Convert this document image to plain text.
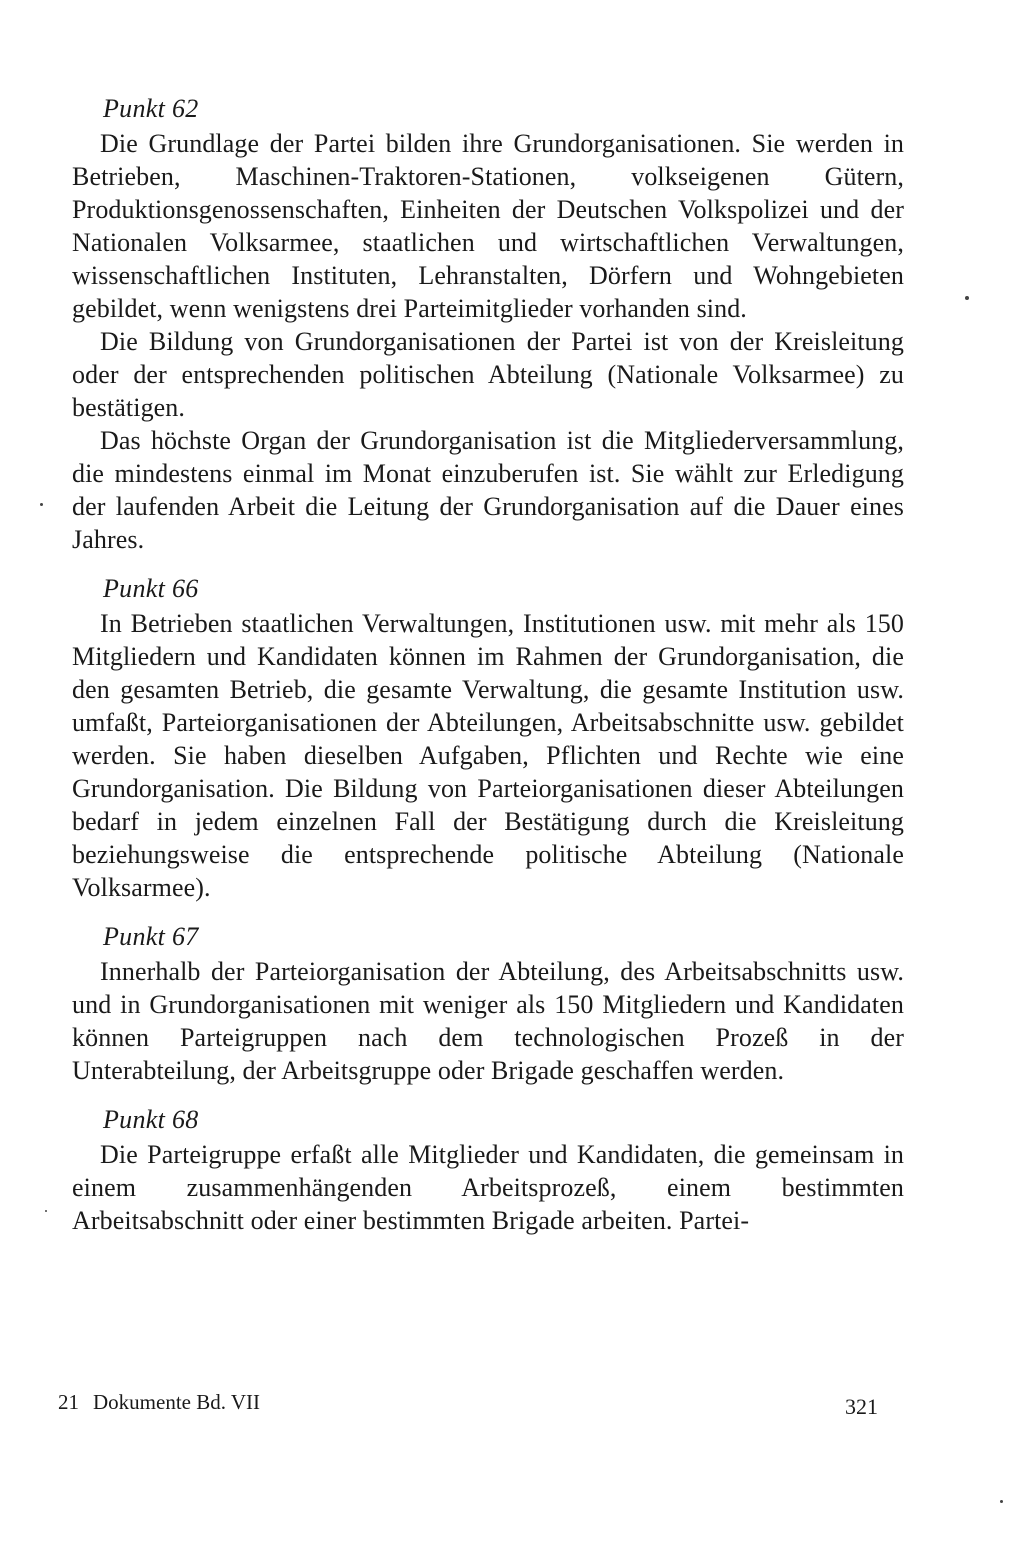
Punkt 62

Die Grundlage der Partei bilden ihre Grundorganisationen. Sie werden in Betrieben, Maschinen-Traktoren-Stationen, volkseigenen Gütern, Produktionsgenossenschaften, Einheiten der Deutschen Volkspolizei und der Nationalen Volksarmee, staatlichen und wirtschaftlichen Verwaltungen, wissenschaftlichen Instituten, Lehranstalten, Dörfern und Wohngebieten gebildet, wenn wenigstens drei Parteimitglieder vorhanden sind.

Die Bildung von Grundorganisationen der Partei ist von der Kreisleitung oder der entsprechenden politischen Abteilung (Nationale Volksarmee) zu bestätigen.

Das höchste Organ der Grundorganisation ist die Mitgliederversammlung, die mindestens einmal im Monat einzuberufen ist. Sie wählt zur Erledigung der laufenden Arbeit die Leitung der Grundorganisation auf die Dauer eines Jahres.

Punkt 66

In Betrieben staatlichen Verwaltungen, Institutionen usw. mit mehr als 150 Mitgliedern und Kandidaten können im Rahmen der Grundorganisation, die den gesamten Betrieb, die gesamte Verwaltung, die gesamte Institution usw. umfaßt, Parteiorganisationen der Abteilungen, Arbeitsabschnitte usw. gebildet werden. Sie haben dieselben Aufgaben, Pflichten und Rechte wie eine Grundorganisation. Die Bildung von Parteiorganisationen dieser Abteilungen bedarf in jedem einzelnen Fall der Bestätigung durch die Kreisleitung beziehungsweise die entsprechende politische Abteilung (Nationale Volksarmee).

Punkt 67

Innerhalb der Parteiorganisation der Abteilung, des Arbeitsabschnitts usw. und in Grundorganisationen mit weniger als 150 Mitgliedern und Kandidaten können Parteigruppen nach dem technologischen Prozeß in der Unterabteilung, der Arbeitsgruppe oder Brigade geschaffen werden.

Punkt 68

Die Parteigruppe erfaßt alle Mitglieder und Kandidaten, die gemeinsam in einem zusammenhängenden Arbeitsprozeß, einem bestimmten Arbeitsabschnitt oder einer bestimmten Brigade arbeiten. Partei-

21 Dokumente Bd. VII	321
